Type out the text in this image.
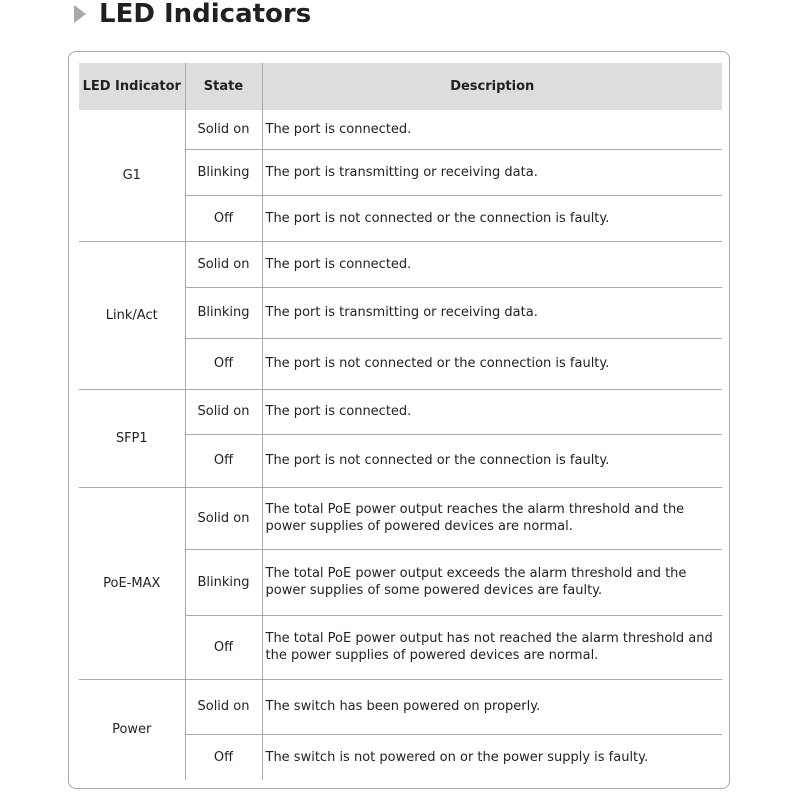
LED Indicators
LED Indicator	State	Description
G1	Solid on	The port is connected.
	Blinking	The port is transmitting or receiving data.
	Off	The port is not connected or the connection is faulty.
Link/Act	Solid on	The port is connected.
	Blinking	The port is transmitting or receiving data.
	Off	The port is not connected or the connection is faulty.
SFP1	Solid on	The port is connected.
	Off	The port is not connected or the connection is faulty.
PoE-MAX	Solid on	The total PoE power output reaches the alarm threshold and the power supplies of powered devices are normal.
	Blinking	The total PoE power output exceeds the alarm threshold and the power supplies of some powered devices are faulty.
	Off	The total PoE power output has not reached the alarm threshold and the power supplies of powered devices are normal.
Power	Solid on	The switch has been powered on properly.
	Off	The switch is not powered on or the power supply is faulty.
